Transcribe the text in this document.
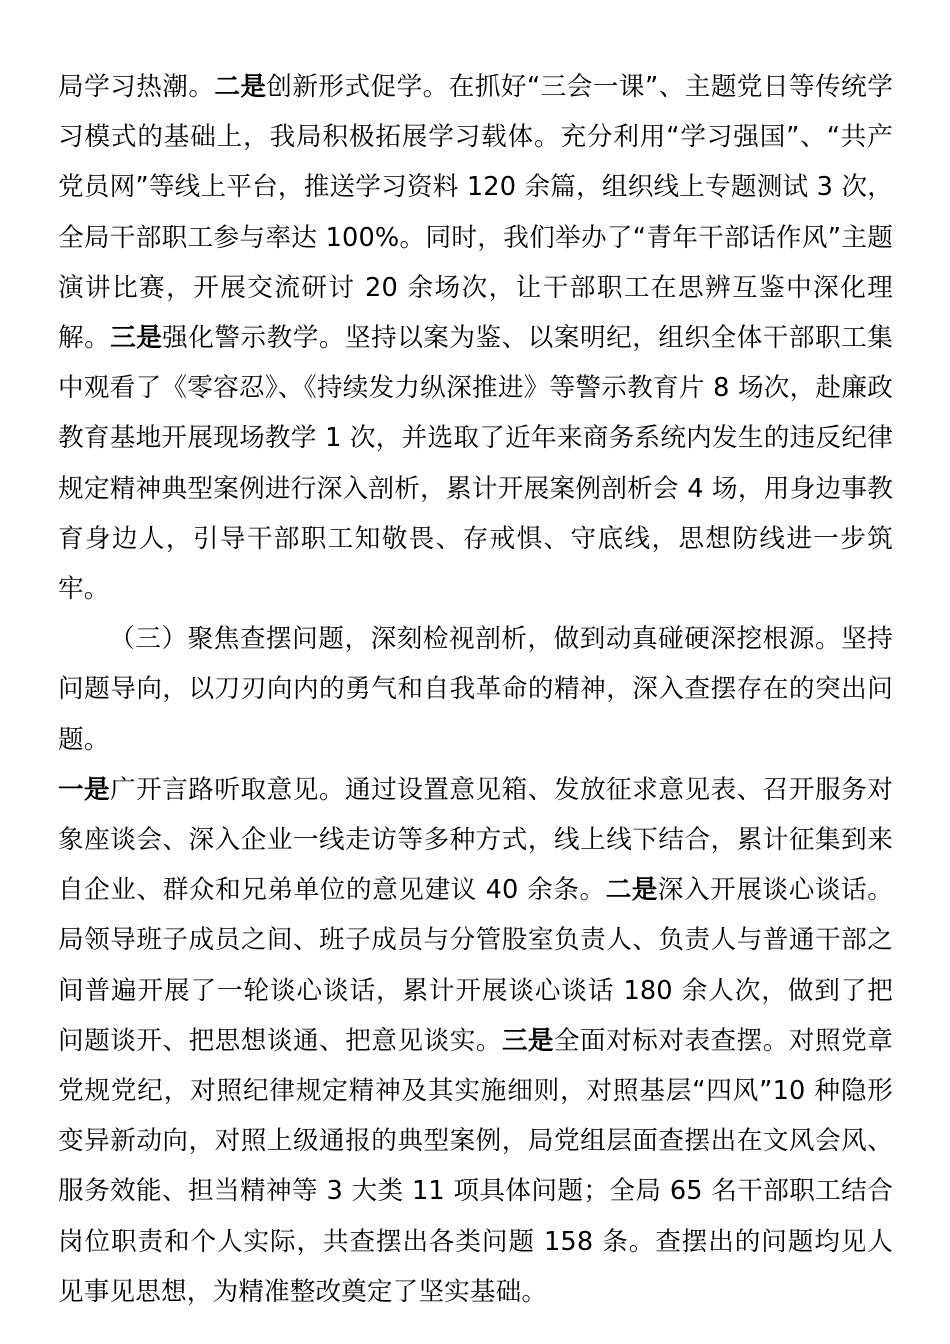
局学习热潮。二是创新形式促学。在抓好“三会一课”、主题党日等传统学习模式的基础上，我局积极拓展学习载体。充分利用“学习强国”、“共产党员网”等线上平台，推送学习资料 120 余篇，组织线上专题测试 3 次，全局干部职工参与率达 100%。同时，我们举办了“青年干部话作风”主题演讲比赛，开展交流研讨 20 余场次，让干部职工在思辨互鉴中深化理解。三是强化警示教学。坚持以案为鉴、以案明纪，组织全体干部职工集中观看了《零容忍》、《持续发力纵深推进》等警示教育片 8 场次，赴廉政教育基地开展现场教学 1 次，并选取了近年来商务系统内发生的违反纪律规定精神典型案例进行深入剖析，累计开展案例剖析会 4 场，用身边事教育身边人，引导干部职工知敬畏、存戒惧、守底线，思想防线进一步筑牢。

（三）聚焦查摆问题，深刻检视剖析，做到动真碰硬深挖根源。坚持问题导向，以刀刃向内的勇气和自我革命的精神，深入查摆存在的突出问题。

一是广开言路听取意见。通过设置意见箱、发放征求意见表、召开服务对象座谈会、深入企业一线走访等多种方式，线上线下结合，累计征集到来自企业、群众和兄弟单位的意见建议 40 余条。二是深入开展谈心谈话。局领导班子成员之间、班子成员与分管股室负责人、负责人与普通干部之间普遍开展了一轮谈心谈话，累计开展谈心谈话 180 余人次，做到了把问题谈开、把思想谈通、把意见谈实。三是全面对标对表查摆。对照党章党规党纪，对照纪律规定精神及其实施细则，对照基层“四风”10 种隐形变异新动向，对照上级通报的典型案例，局党组层面查摆出在文风会风、服务效能、担当精神等 3 大类 11 项具体问题；全局 65 名干部职工结合岗位职责和个人实际，共查摆出各类问题 158 条。查摆出的问题均见人见事见思想，为精准整改奠定了坚实基础。
